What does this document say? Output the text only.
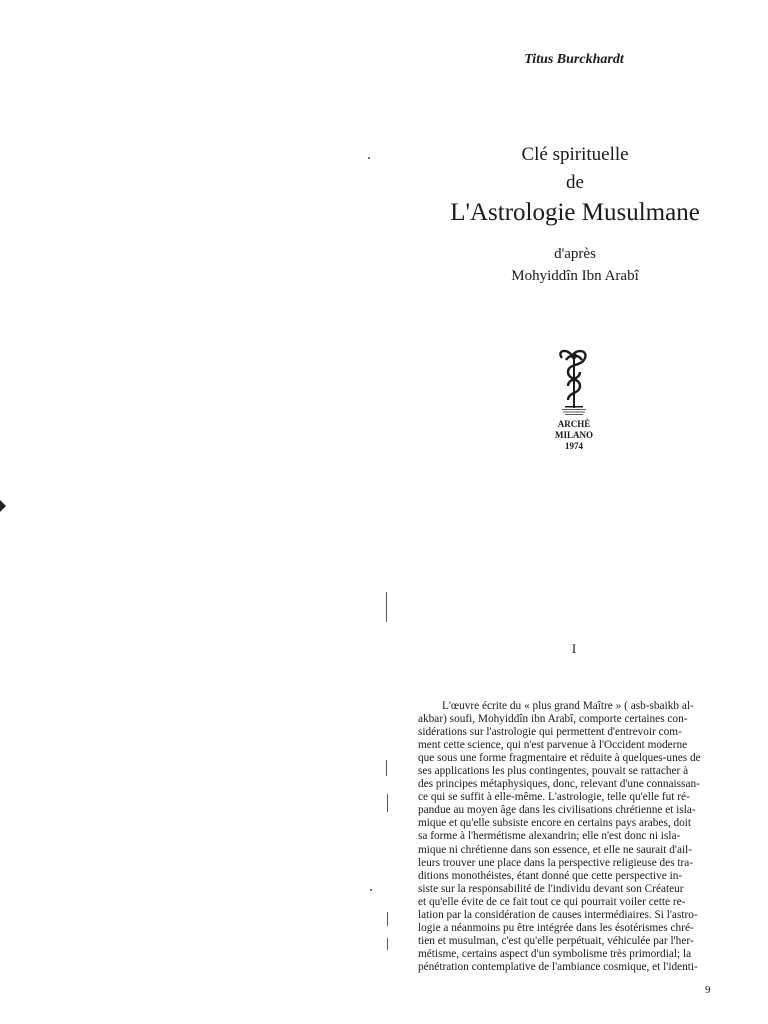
Titus Burckhardt
Clé spirituelle
de
L'Astrologie Musulmane
d'après
Mohyiddîn Ibn Arabî
ARCHÈ
MILANO
1974
I
L'œuvre écrite du « plus grand Maître » ( asb-sbaikb al-
akbar) soufi, Mohyiddîn ibn Arabî, comporte certaines con-
sidérations sur l'astrologie qui permettent d'entrevoir com-
ment cette science, qui n'est parvenue à l'Occident moderne
que sous une forme fragmentaire et réduite à quelques-unes de
ses applications les plus contingentes, pouvait se rattacher à
des principes métaphysiques, donc, relevant d'une connaissan-
ce qui se suffit à elle-même. L'astrologie, telle qu'elle fut ré-
pandue au moyen âge dans les civilisations chrétienne et isla-
mique et qu'elle subsiste encore en certains pays arabes, doit
sa forme à l'hermétisme alexandrin; elle n'est donc ni isla-
mique ni chrétienne dans son essence, et elle ne saurait d'ail-
leurs trouver une place dans la perspective religieuse des tra-
ditions monothéistes, étant donné que cette perspective in-
siste sur la responsabilité de l'individu devant son Créateur
et qu'elle évite de ce fait tout ce qui pourrait voiler cette re-
lation par la considération de causes intermédiaires. Si l'astro-
logie a néanmoins pu être intégrée dans les ésotérismes chré-
tien et musulman, c'est qu'elle perpétuait, véhiculée par l'her-
métisme, certains aspect d'un symbolisme très primordial; la
pénétration contemplative de l'ambiance cosmique, et l'identi-
9
